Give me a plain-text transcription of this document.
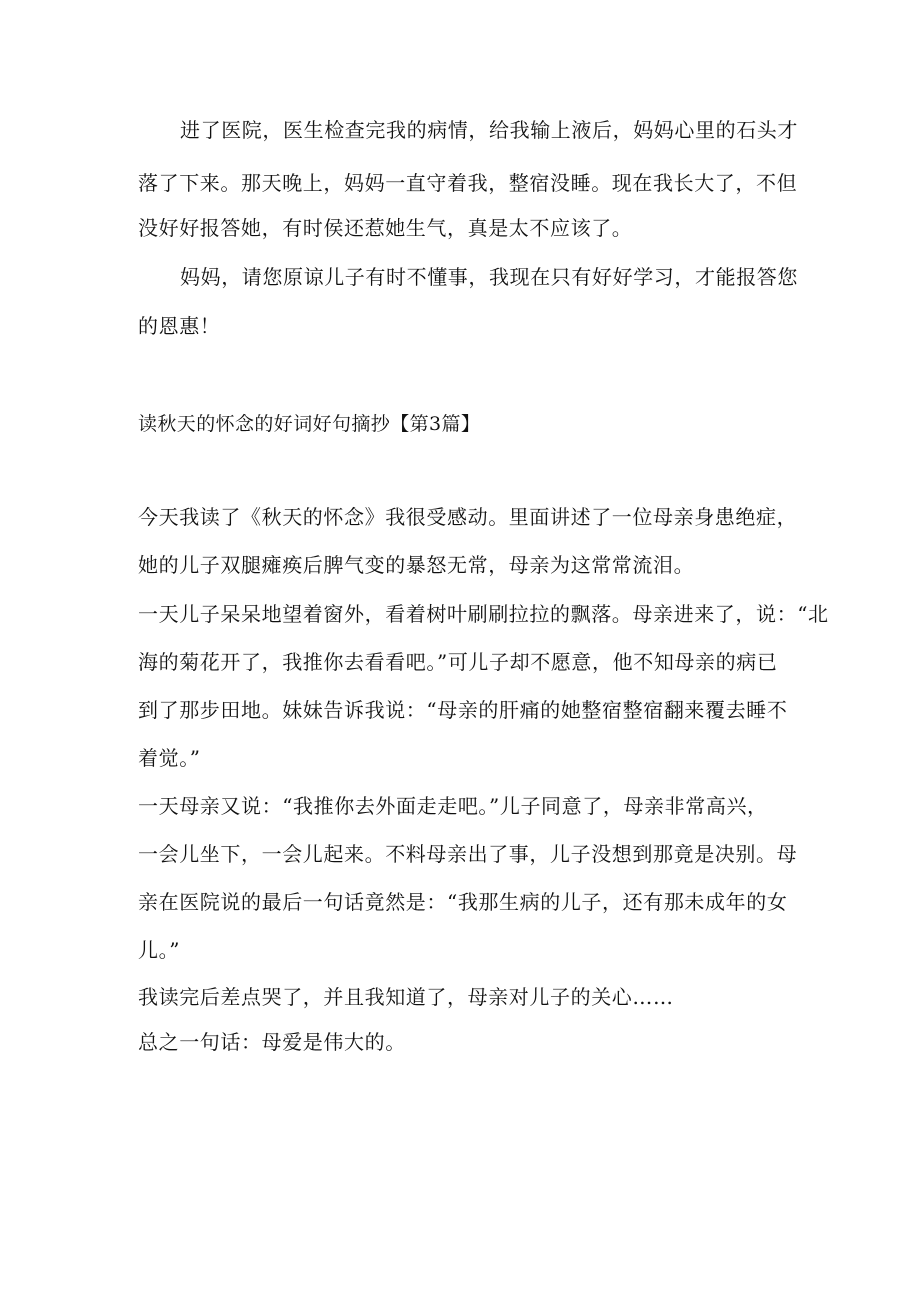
进了医院，医生检查完我的病情，给我输上液后，妈妈心里的石头才
落了下来。那天晚上，妈妈一直守着我，整宿没睡。现在我长大了，不但
没好好报答她，有时侯还惹她生气，真是太不应该了。
妈妈，请您原谅儿子有时不懂事，我现在只有好好学习，才能报答您
的恩惠！
读秋天的怀念的好词好句摘抄【第3篇】
今天我读了《秋天的怀念》我很受感动。里面讲述了一位母亲身患绝症，
她的儿子双腿瘫痪后脾气变的暴怒无常，母亲为这常常流泪。
一天儿子呆呆地望着窗外，看着树叶刷刷拉拉的飘落。母亲进来了，说：“北
海的菊花开了，我推你去看看吧。”可儿子却不愿意，他不知母亲的病已
到了那步田地。妹妹告诉我说：“母亲的肝痛的她整宿整宿翻来覆去睡不
着觉。”
一天母亲又说：“我推你去外面走走吧。”儿子同意了，母亲非常高兴，
一会儿坐下，一会儿起来。不料母亲出了事，儿子没想到那竟是决别。母
亲在医院说的最后一句话竟然是：“我那生病的儿子，还有那未成年的女
儿。”
我读完后差点哭了，并且我知道了，母亲对儿子的关心……
总之一句话：母爱是伟大的。
